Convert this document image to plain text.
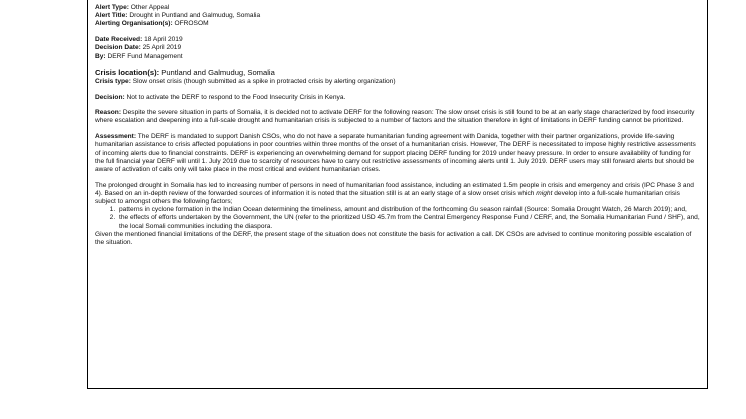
Alert Type: Other Appeal

Alert Title: Drought in Puntland and Galmudug, Somalia

Alerting Organisation(s): OFROSOM

Date Received: 18 April 2019

Decision Date: 25 April 2019

By: DERF Fund Management

Crisis location(s): Puntland and Galmudug, Somalia

Crisis type: Slow onset crisis (though submitted as a spike in protracted crisis by alerting organization)

Decision: Not to activate the DERF to respond to the Food Insecurity Crisis in Kenya.

Reason: Despite the severe situation in parts of Somalia, it is decided not to activate DERF for the following reason: The slow onset crisis is still found to be at an early stage characterized by food insecurity where escalation and deepening into a full-scale drought and humanitarian crisis is subjected to a number of factors and the situation therefore in light of limitations in DERF funding cannot be prioritized.

Assessment: The DERF is mandated to support Danish CSOs, who do not have a separate humanitarian funding agreement with Danida, together with their partner organizations, provide life-saving humanitarian assistance to crisis affected populations in poor countries within three months of the onset of a humanitarian crisis. However, The DERF is necessitated to impose highly restrictive assessments of incoming alerts due to financial constraints. DERF is experiencing an overwhelming demand for support placing DERF funding for 2019 under heavy pressure. In order to ensure availability of funding for the full financial year DERF will until 1. July 2019 due to scarcity of resources have to carry out restrictive assessments of incoming alerts until 1. July 2019. DERF users may still forward alerts but should be aware of activation of calls only will take place in the most critical and evident humanitarian crises.

The prolonged drought in Somalia has led to increasing number of persons in need of humanitarian food assistance, including an estimated 1.5m people in crisis and emergency and crisis (IPC Phase 3 and 4). Based on an in-depth review of the forwarded sources of information it is noted that the situation still is at an early stage of a slow onset crisis which might develop into a full-scale humanitarian crisis subject to amongst others the following factors;

1. patterns in cyclone formation in the Indian Ocean determining the timeliness, amount and distribution of the forthcoming Gu season rainfall (Source: Somalia Drought Watch, 26 March 2019); and,
2. the effects of efforts undertaken by the Government, the UN (refer to the prioritized USD 45.7m from the Central Emergency Response Fund / CERF, and, the Somalia Humanitarian Fund / SHF), and, the local Somali communities including the diaspora.

Given the mentioned financial limitations of the DERF, the present stage of the situation does not constitute the basis for activation a call. DK CSOs are advised to continue monitoring possible escalation of the situation.
